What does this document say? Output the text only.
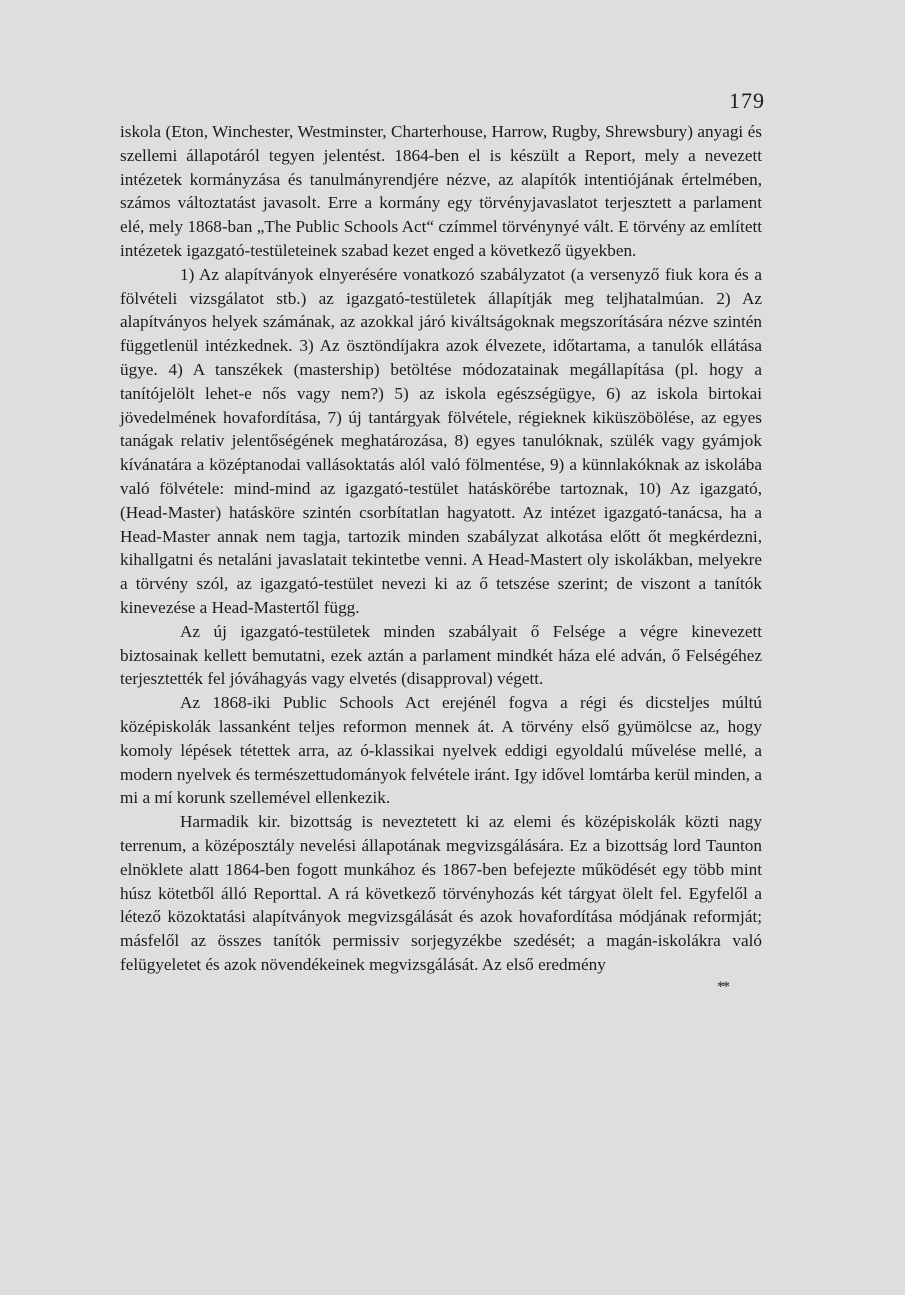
179

iskola (Eton, Winchester, Westminster, Charterhouse, Harrow, Rugby, Shrewsbury) anyagi és szellemi állapotáról tegyen jelentést. 1864-ben el is készült a Report, mely a nevezett intézetek kormányzása és tanulmányrendjére nézve, az alapítók intentiójának értelmében, számos változtatást javasolt. Erre a kormány egy törvényjavaslatot terjesztett a parlament elé, mely 1868-ban „The Public Schools Act“ czímmel törvénynyé vált. E törvény az említett intézetek igazgató-testületeinek szabad kezet enged a következő ügyekben.

1) Az alapítványok elnyerésére vonatkozó szabályzatot (a versenyző fiuk kora és a fölvételi vizsgálatot stb.) az igazgató-testületek állapítják meg teljhatalmúan. 2) Az alapítványos helyek számának, az azokkal járó kiváltságoknak megszorítására nézve szintén függetlenül intézkednek. 3) Az ösztöndíjakra azok élvezete, időtartama, a tanulók ellátása ügye. 4) A tanszékek (mastership) betöltése módozatainak megállapítása (pl. hogy a tanítójelölt lehet-e nős vagy nem?) 5) az iskola egészségügye, 6) az iskola birtokai jövedelmének hovafordítása, 7) új tantárgyak fölvétele, régieknek kiküszöbölése, az egyes tanágak relativ jelentőségének meghatározása, 8) egyes tanulóknak, szülék vagy gyámjok kívánatára a középtanodai vallásoktatás alól való fölmentése, 9) a künnlakóknak az iskolába való fölvétele: mind-mind az igazgató-testület hatáskörébe tartoznak, 10) Az igazgató, (Head-Master) hatásköre szintén csorbítatlan hagyatott. Az intézet igazgató-tanácsa, ha a Head-Master annak nem tagja, tartozik minden szabályzat alkotása előtt őt megkérdezni, kihallgatni és netaláni javaslatait tekintetbe venni. A Head-Mastert oly iskolákban, melyekre a törvény szól, az igazgató-testület nevezi ki az ő tetszése szerint; de viszont a tanítók kinevezése a Head-Mastertől függ.

Az új igazgató-testületek minden szabályait ő Felsége a végre kinevezett biztosainak kellett bemutatni, ezek aztán a parlament mindkét háza elé adván, ő Felségéhez terjesztették fel jóváhagyás vagy elvetés (disapproval) végett.

Az 1868-iki Public Schools Act erejénél fogva a régi és dicsteljes múltú középiskolák lassanként teljes reformon mennek át. A törvény első gyümölcse az, hogy komoly lépések tétettek arra, az ó-klassikai nyelvek eddigi egyoldalú művelése mellé, a modern nyelvek és természettudományok felvétele iránt. Igy idővel lomtárba kerül minden, a mi a mí korunk szellemével ellenkezik.

Harmadik kir. bizottság is neveztetett ki az elemi és középiskolák közti nagy terrenum, a középosztály nevelési állapotának megvizsgálására. Ez a bizottság lord Taunton elnöklete alatt 1864-ben fogott munkához és 1867-ben befejezte működését egy több mint húsz kötetből álló Reporttal. A rá következő törvényhozás két tárgyat ölelt fel. Egyfelől a létező közoktatási alapítványok megvizsgálását és azok hovafordítása módjának reformját; másfelől az összes tanítók permissiv sorjegyzékbe szedését; a magán-iskolákra való felügyeletet és azok növendékeinek megvizsgálását. Az első eredmény

**
